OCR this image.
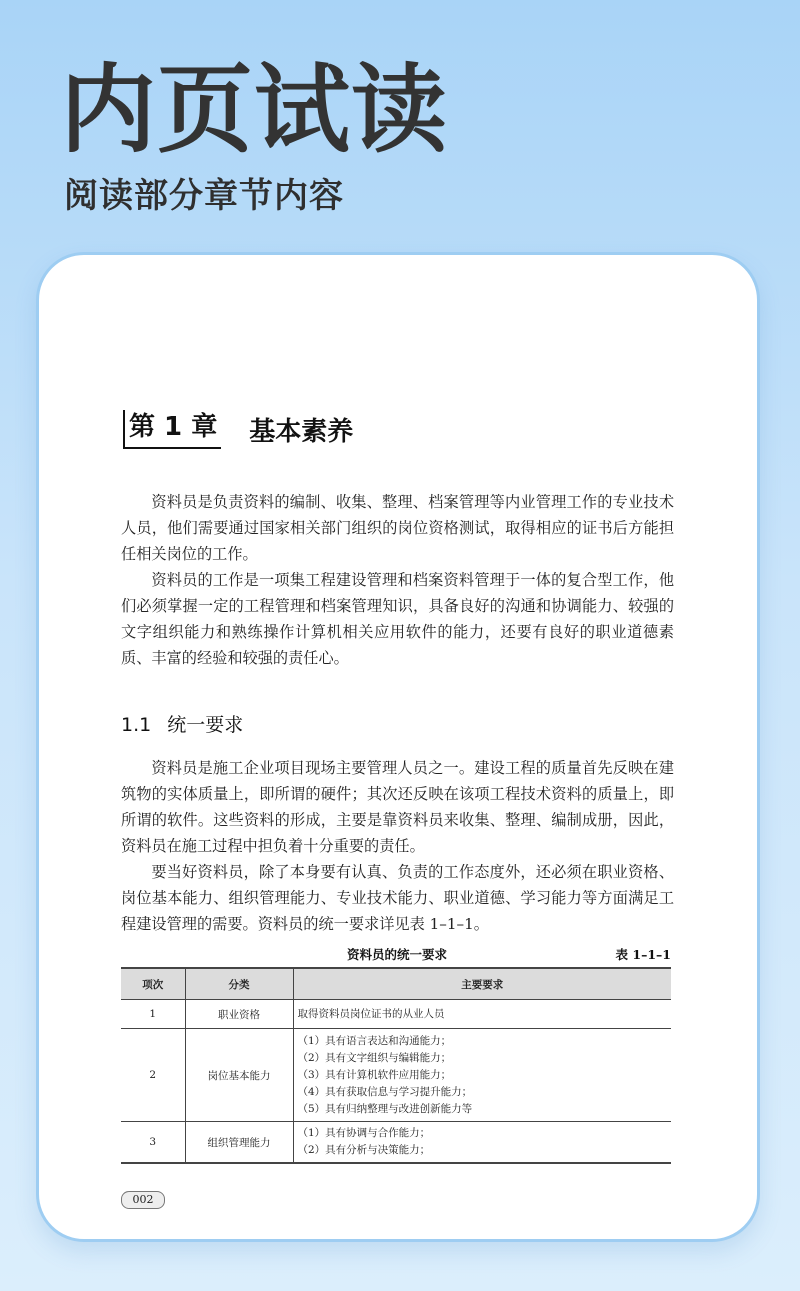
内页试读
阅读部分章节内容
第 1 章 基本素养

资料员是负责资料的编制、收集、整理、档案管理等内业管理工作的专业技术人员，他们需要通过国家相关部门组织的岗位资格测试，取得相应的证书后方能担任相关岗位的工作。

资料员的工作是一项集工程建设管理和档案资料管理于一体的复合型工作，他们必须掌握一定的工程管理和档案管理知识，具备良好的沟通和协调能力、较强的文字组织能力和熟练操作计算机相关应用软件的能力，还要有良好的职业道德素质、丰富的经验和较强的责任心。

1.1 统一要求

资料员是施工企业项目现场主要管理人员之一。建设工程的质量首先反映在建筑物的实体质量上，即所谓的硬件；其次还反映在该项工程技术资料的质量上，即所谓的软件。这些资料的形成，主要是靠资料员来收集、整理、编制成册，因此，资料员在施工过程中担负着十分重要的责任。

要当好资料员，除了本身要有认真、负责的工作态度外，还必须在职业资格、岗位基本能力、组织管理能力、专业技术能力、职业道德、学习能力等方面满足工程建设管理的需要。资料员的统一要求详见表 1–1–1。

资料员的统一要求	表 1–1–1
项次	分类	主要要求
1	职业资格	取得资料员岗位证书的从业人员

2	岗位基本能力	（1）具有语言表达和沟通能力；
（2）具有文字组织与编辑能力；
（3）具有计算机软件应用能力；
（4）具有获取信息与学习提升能力；
（5）具有归纳整理与改进创新能力等

3	组织管理能力	（1）具有协调与合作能力；
（2）具有分析与决策能力；
002
